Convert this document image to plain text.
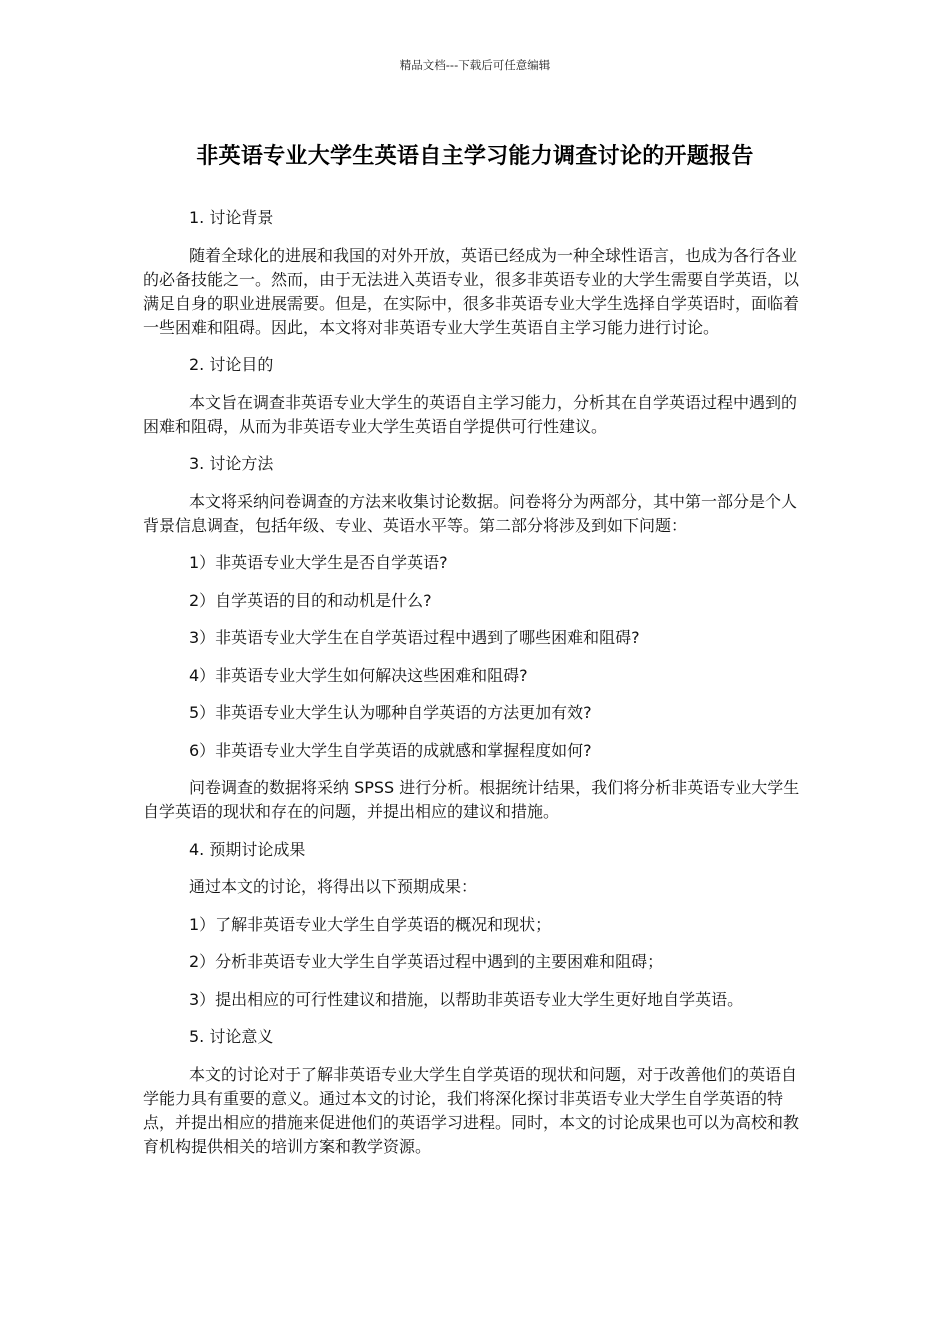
精品文档---下载后可任意编辑
非英语专业大学生英语自主学习能力调查讨论的开题报告

1. 讨论背景

随着全球化的进展和我国的对外开放，英语已经成为一种全球性语言，也成为各行各业的必备技能之一。然而，由于无法进入英语专业，很多非英语专业的大学生需要自学英语，以满足自身的职业进展需要。但是，在实际中，很多非英语专业大学生选择自学英语时，面临着一些困难和阻碍。因此，本文将对非英语专业大学生英语自主学习能力进行讨论。

2. 讨论目的

本文旨在调查非英语专业大学生的英语自主学习能力，分析其在自学英语过程中遇到的困难和阻碍，从而为非英语专业大学生英语自学提供可行性建议。

3. 讨论方法

本文将采纳问卷调查的方法来收集讨论数据。问卷将分为两部分，其中第一部分是个人背景信息调查，包括年级、专业、英语水平等。第二部分将涉及到如下问题：

1）非英语专业大学生是否自学英语?

2）自学英语的目的和动机是什么?

3）非英语专业大学生在自学英语过程中遇到了哪些困难和阻碍?

4）非英语专业大学生如何解决这些困难和阻碍?

5）非英语专业大学生认为哪种自学英语的方法更加有效?

6）非英语专业大学生自学英语的成就感和掌握程度如何?

问卷调查的数据将采纳 SPSS 进行分析。根据统计结果，我们将分析非英语专业大学生自学英语的现状和存在的问题，并提出相应的建议和措施。

4. 预期讨论成果

通过本文的讨论，将得出以下预期成果：

1）了解非英语专业大学生自学英语的概况和现状；

2）分析非英语专业大学生自学英语过程中遇到的主要困难和阻碍；

3）提出相应的可行性建议和措施，以帮助非英语专业大学生更好地自学英语。

5. 讨论意义

本文的讨论对于了解非英语专业大学生自学英语的现状和问题，对于改善他们的英语自学能力具有重要的意义。通过本文的讨论，我们将深化探讨非英语专业大学生自学英语的特点，并提出相应的措施来促进他们的英语学习进程。同时，本文的讨论成果也可以为高校和教育机构提供相关的培训方案和教学资源。
